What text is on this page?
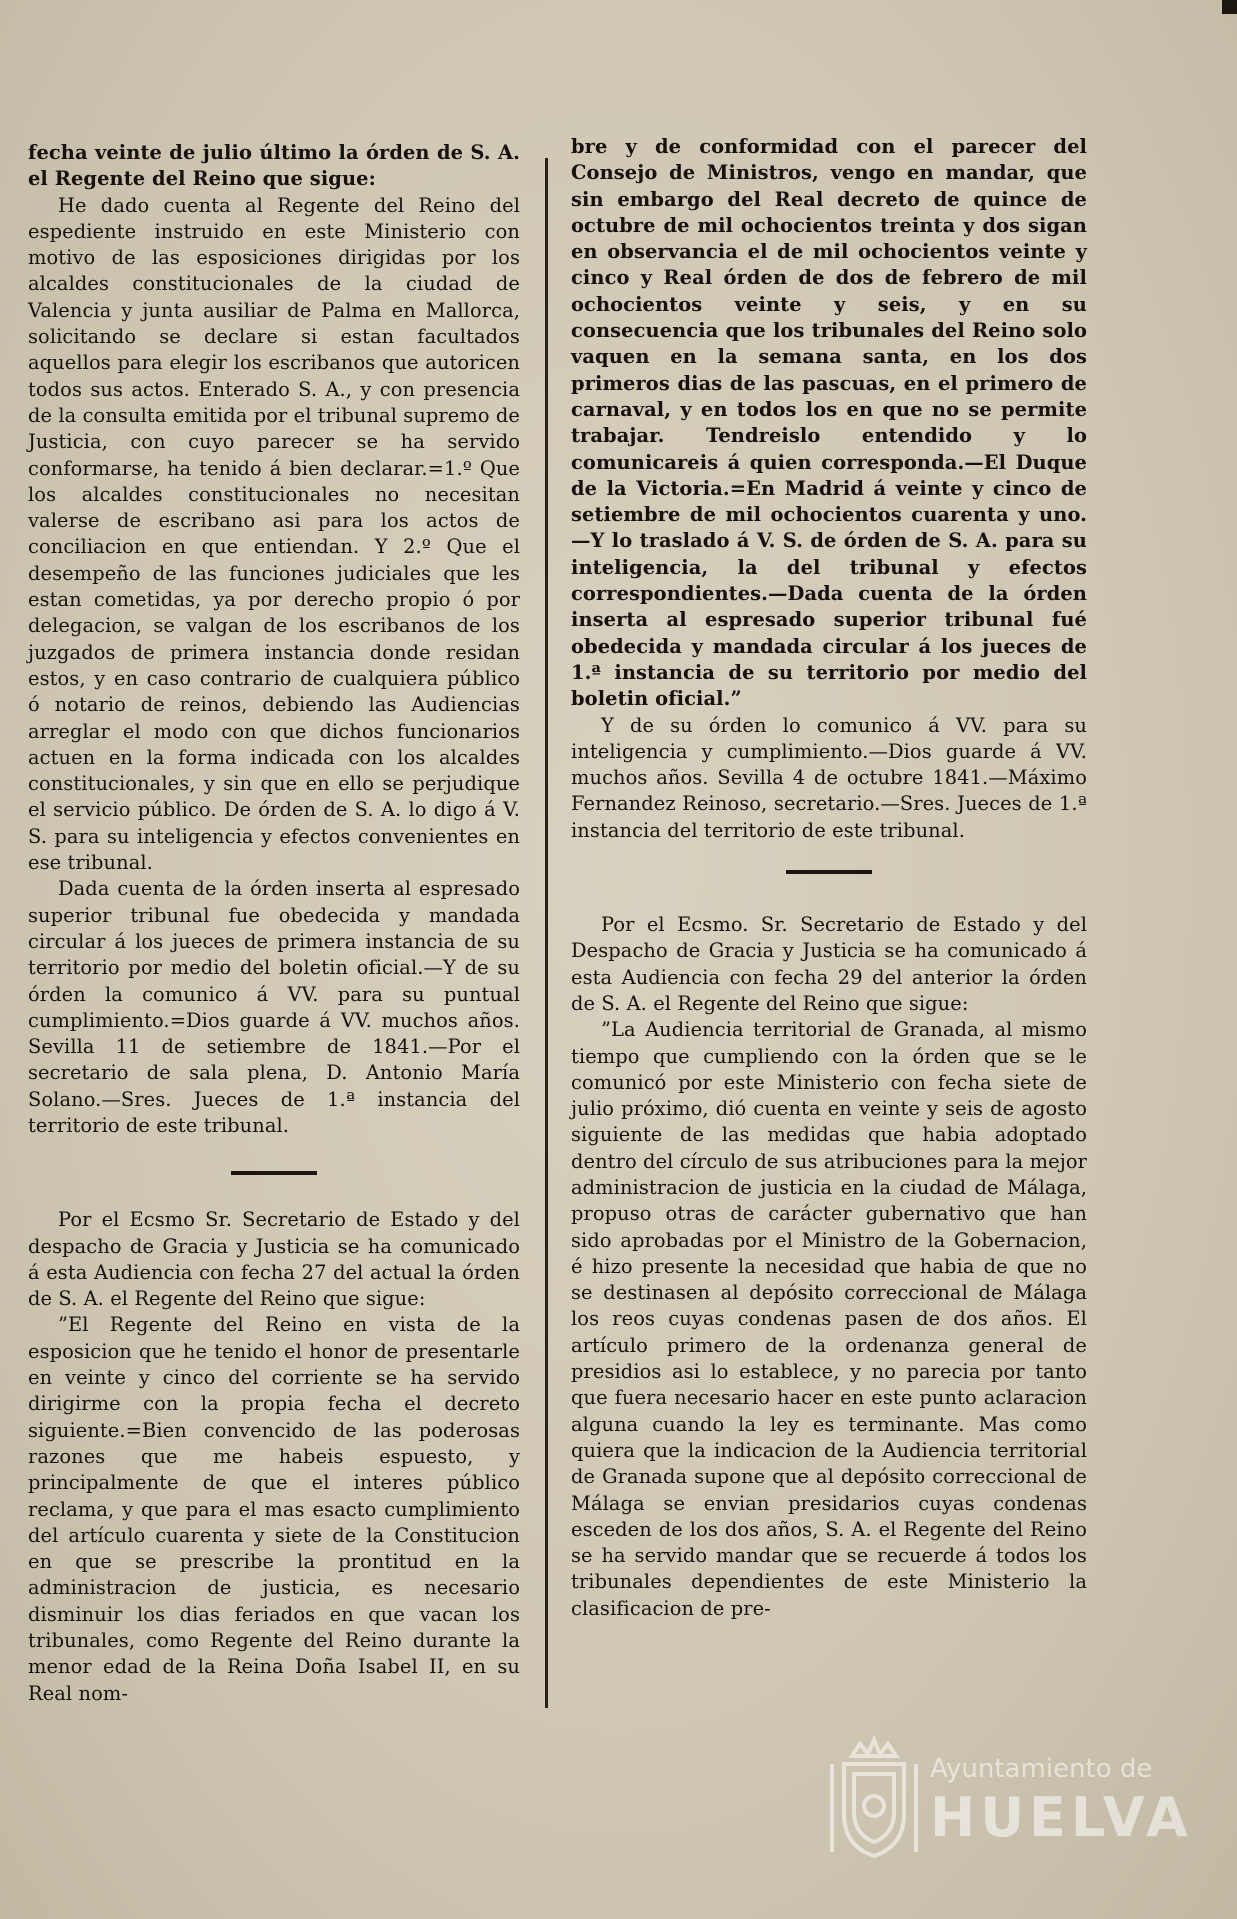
fecha veinte de julio último la órden de S. A. el Regente del Reino que sigue:

He dado cuenta al Regente del Reino del espediente instruido en este Ministerio con motivo de las esposiciones dirigidas por los alcaldes constitucionales de la ciudad de Valencia y junta ausiliar de Palma en Mallorca, solicitando se declare si estan facultados aquellos para elegir los escribanos que autoricen todos sus actos. Enterado S. A., y con presencia de la consulta emitida por el tribunal supremo de Justicia, con cuyo parecer se ha servido conformarse, ha tenido á bien declarar.=1.º Que los alcaldes constitucionales no necesitan valerse de escribano asi para los actos de conciliacion en que entiendan. Y 2.º Que el desempeño de las funciones judiciales que les estan cometidas, ya por derecho propio ó por delegacion, se valgan de los escribanos de los juzgados de primera instancia donde residan estos, y en caso contrario de cualquiera público ó notario de reinos, debiendo las Audiencias arreglar el modo con que dichos funcionarios actuen en la forma indicada con los alcaldes constitucionales, y sin que en ello se perjudique el servicio público. De órden de S. A. lo digo á V. S. para su inteligencia y efectos convenientes en ese tribunal.

Dada cuenta de la órden inserta al espresado superior tribunal fue obedecida y mandada circular á los jueces de primera instancia de su territorio por medio del boletin oficial.—Y de su órden la comunico á VV. para su puntual cumplimiento.=Dios guarde á VV. muchos años. Sevilla 11 de setiembre de 1841.—Por el secretario de sala plena, D. Antonio María Solano.—Sres. Jueces de 1.ª instancia del territorio de este tribunal.

Por el Ecsmo Sr. Secretario de Estado y del despacho de Gracia y Justicia se ha comunicado á esta Audiencia con fecha 27 del actual la órden de S. A. el Regente del Reino que sigue:

”El Regente del Reino en vista de la esposicion que he tenido el honor de presentarle en veinte y cinco del corriente se ha servido dirigirme con la propia fecha el decreto siguiente.=Bien convencido de las poderosas razones que me habeis espuesto, y principalmente de que el interes público reclama, y que para el mas esacto cumplimiento del artículo cuarenta y siete de la Constitucion en que se prescribe la prontitud en la administracion de justicia, es necesario disminuir los dias feriados en que vacan los tribunales, como Regente del Reino durante la menor edad de la Reina Doña Isabel II, en su Real nom-

bre y de conformidad con el parecer del Consejo de Ministros, vengo en mandar, que sin embargo del Real decreto de quince de octubre de mil ochocientos treinta y dos sigan en observancia el de mil ochocientos veinte y cinco y Real órden de dos de febrero de mil ochocientos veinte y seis, y en su consecuencia que los tribunales del Reino solo vaquen en la semana santa, en los dos primeros dias de las pascuas, en el primero de carnaval, y en todos los en que no se permite trabajar. Tendreislo entendido y lo comunicareis á quien corresponda.—El Duque de la Victoria.=En Madrid á veinte y cinco de setiembre de mil ochocientos cuarenta y uno.—Y lo traslado á V. S. de órden de S. A. para su inteligencia, la del tribunal y efectos correspondientes.—Dada cuenta de la órden inserta al espresado superior tribunal fué obedecida y mandada circular á los jueces de 1.ª instancia de su territorio por medio del boletin oficial.”

Y de su órden lo comunico á VV. para su inteligencia y cumplimiento.—Dios guarde á VV. muchos años. Sevilla 4 de octubre 1841.—Máximo Fernandez Reinoso, secretario.—Sres. Jueces de 1.ª instancia del territorio de este tribunal.

Por el Ecsmo. Sr. Secretario de Estado y del Despacho de Gracia y Justicia se ha comunicado á esta Audiencia con fecha 29 del anterior la órden de S. A. el Regente del Reino que sigue:

”La Audiencia territorial de Granada, al mismo tiempo que cumpliendo con la órden que se le comunicó por este Ministerio con fecha siete de julio próximo, dió cuenta en veinte y seis de agosto siguiente de las medidas que habia adoptado dentro del círculo de sus atribuciones para la mejor administracion de justicia en la ciudad de Málaga, propuso otras de carácter gubernativo que han sido aprobadas por el Ministro de la Gobernacion, é hizo presente la necesidad que habia de que no se destinasen al depósito correccional de Málaga los reos cuyas condenas pasen de dos años. El artículo primero de la ordenanza general de presidios asi lo establece, y no parecia por tanto que fuera necesario hacer en este punto aclaracion alguna cuando la ley es terminante. Mas como quiera que la indicacion de la Audiencia territorial de Granada supone que al depósito correccional de Málaga se envian presidarios cuyas condenas esceden de los dos años, S. A. el Regente del Reino se ha servido mandar que se recuerde á todos los tribunales dependientes de este Ministerio la clasificacion de pre-

Ayuntamiento de
HUELVA
